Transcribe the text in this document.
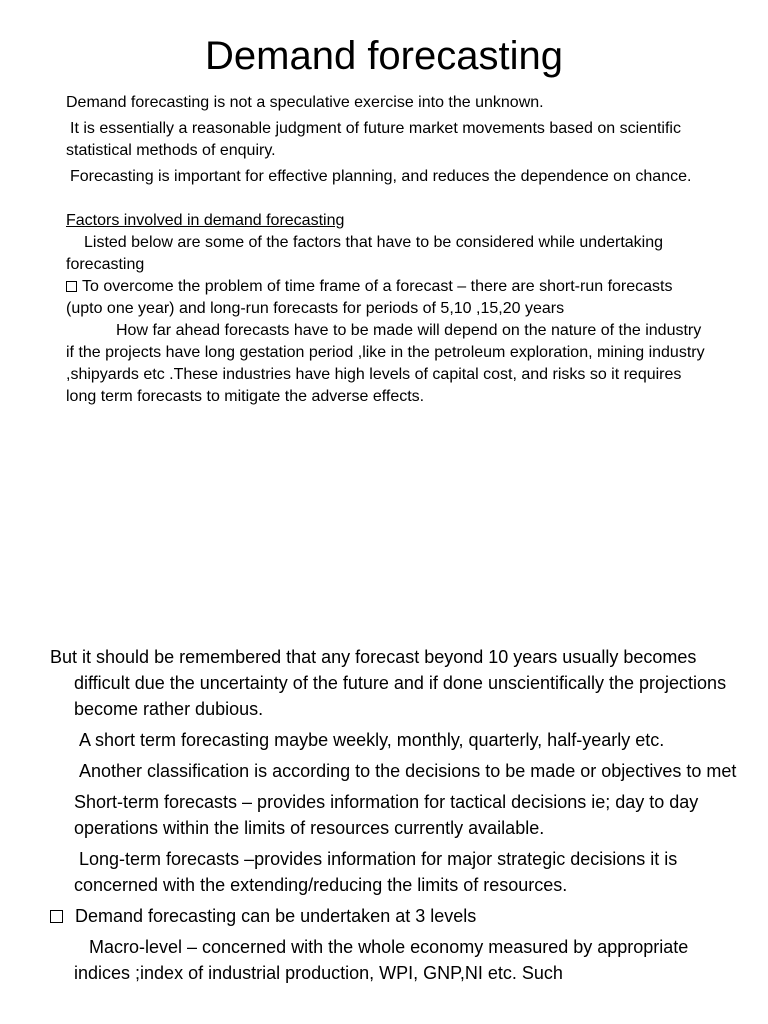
Demand forecasting

Demand forecasting is not a speculative exercise into the unknown.

It is essentially a reasonable judgment of future market movements based on scientific statistical methods of enquiry.

Forecasting is important for effective planning, and reduces the dependence on chance.

Factors involved in demand forecasting

Listed below are some of the factors that have to be considered while undertaking forecasting

To overcome the problem of time frame of a forecast – there are short-run forecasts (upto one year) and long-run forecasts for periods of 5,10 ,15,20 years

How far ahead forecasts have to be made will depend on the nature of the industry if the projects have long gestation period ,like in the petroleum exploration, mining industry ,shipyards etc .These industries have high levels of capital cost, and risks so it requires long term forecasts to mitigate the adverse effects.

But it should be remembered that any forecast beyond 10 years usually becomes difficult due the uncertainty of the future and if done unscientifically the projections become rather dubious.

A short term forecasting maybe weekly, monthly, quarterly, half-yearly etc.

Another classification is according to the decisions to be made or objectives to met

Short-term forecasts – provides information for tactical decisions ie; day to day operations within the limits of resources currently available.

Long-term forecasts –provides information for major strategic decisions it is concerned with the extending/reducing the limits of resources.

Demand forecasting can be undertaken at 3 levels

Macro-level – concerned with the whole economy measured by appropriate indices ;index of industrial production, WPI, GNP,NI etc. Such
